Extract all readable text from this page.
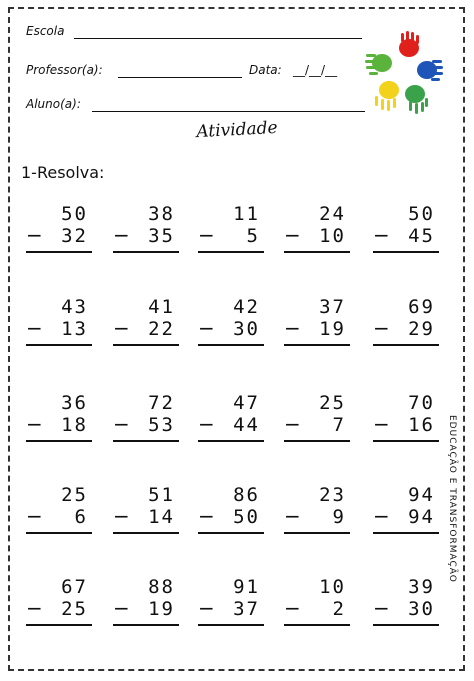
Escola
Professor(a):	Data: __/__/__
Aluno(a):
Atividade
1-Resolva:
50
− 32
38
− 35
11
− 5
24
− 10
50
− 45
43
− 13
41
− 22
42
− 30
37
− 19
69
− 29
36
− 18
72
− 53
47
− 44
25
− 7
70
− 16
25
− 6
51
− 14
86
− 50
23
− 9
94
− 94
67
− 25
88
− 19
91
− 37
10
− 2
39
− 30
EDUCAÇÃO E TRANSFORMAÇÃO
